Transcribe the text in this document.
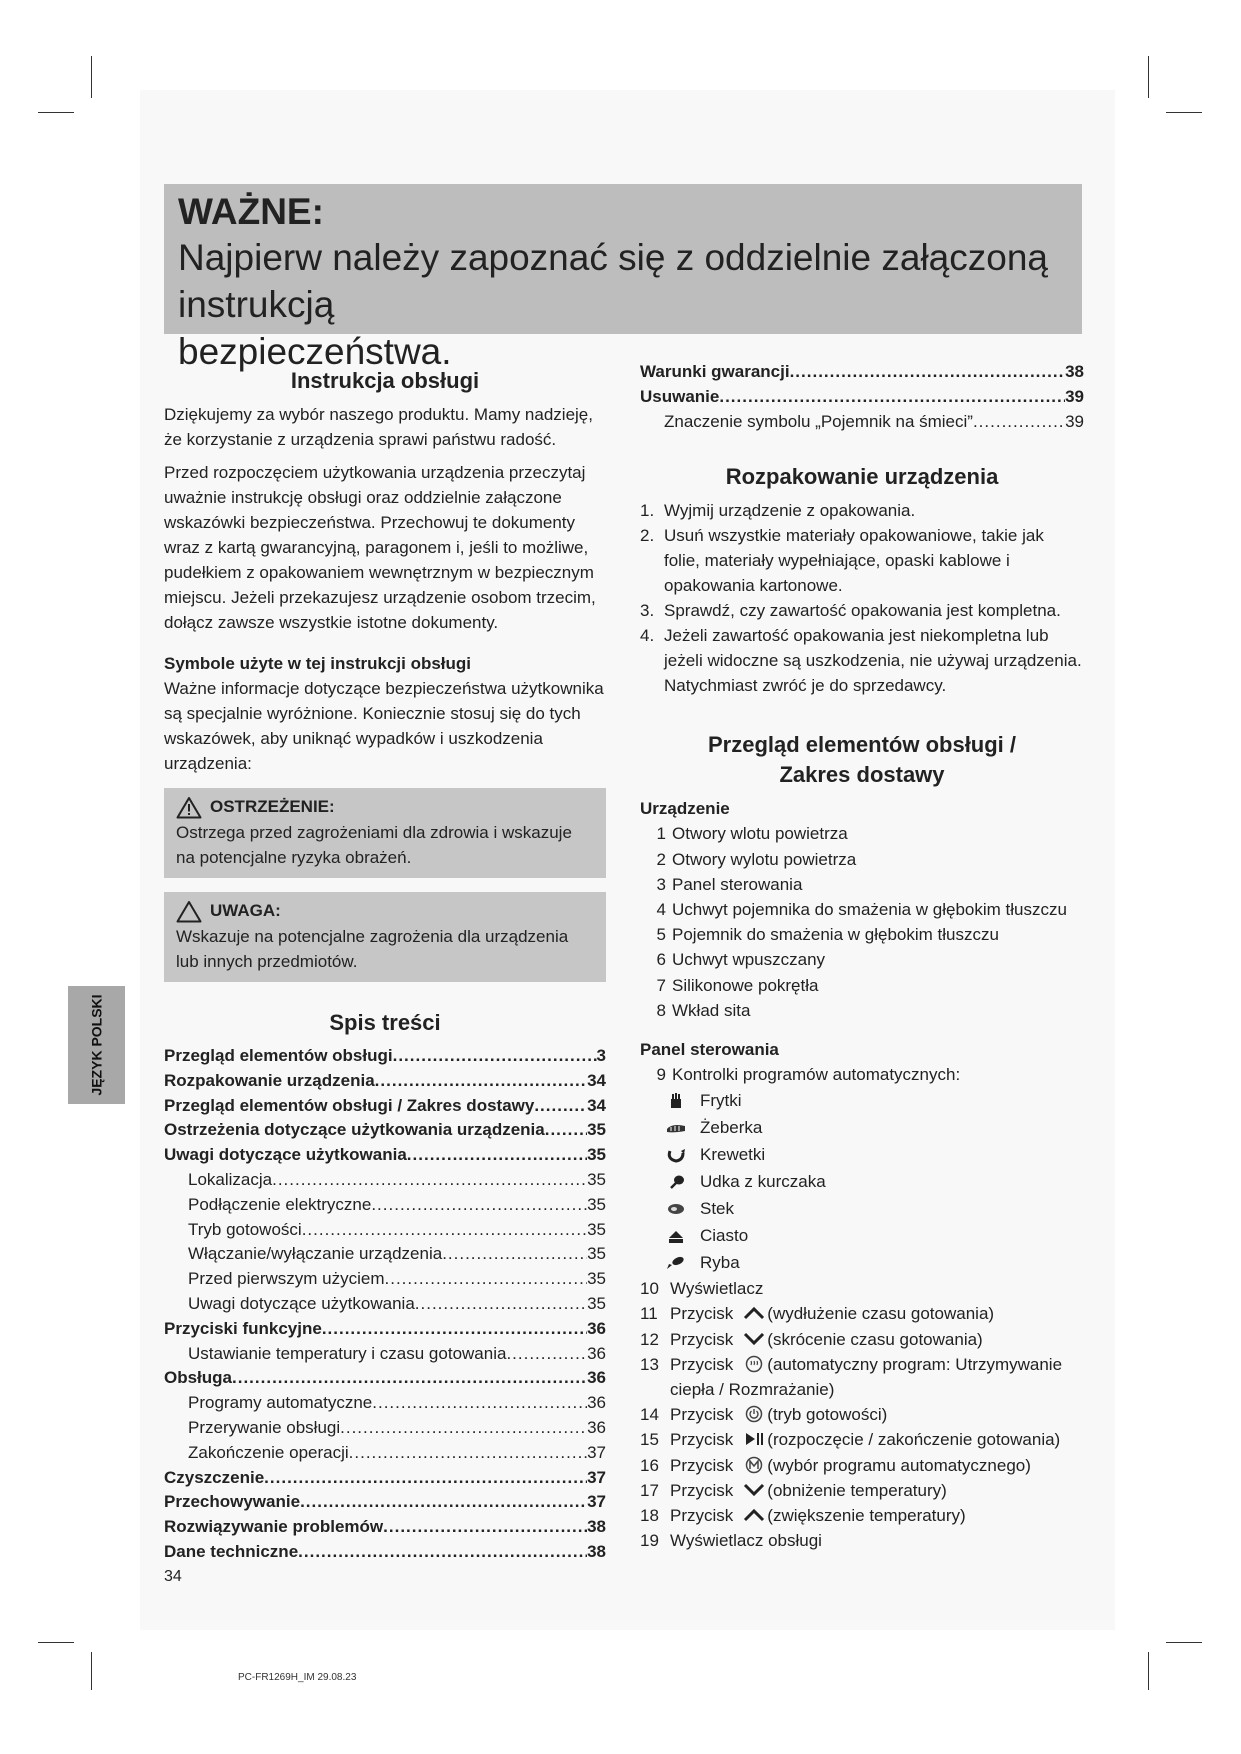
WAŻNE:
Najpierw należy zapoznać się z oddzielnie załączoną instrukcją
bezpieczeństwa.
Instrukcja obsługi

Dziękujemy za wybór naszego produktu. Mamy nadzieję, że korzystanie z urządzenia sprawi państwu radość.

Przed rozpoczęciem użytkowania urządzenia przeczytaj uważnie instrukcję obsługi oraz oddzielnie załączone wskazówki bezpieczeństwa. Przechowuj te dokumenty wraz z kartą gwarancyjną, paragonem i, jeśli to możliwe, pudełkiem z opakowaniem wewnętrznym w bezpiecznym miejscu. Jeżeli przekazujesz urządzenie osobom trzecim, dołącz zawsze wszystkie istotne dokumenty.

Symbole użyte w tej instrukcji obsługi

Ważne informacje dotyczące bezpieczeństwa użytkownika są specjalnie wyróżnione. Koniecznie stosuj się do tych wskazówek, aby uniknąć wypadków i uszkodzenia urządzenia:

OSTRZEŻENIE:
Ostrzega przed zagrożeniami dla zdrowia i wskazuje na potencjalne ryzyka obrażeń.
UWAGA:
Wskazuje na potencjalne zagrożenia dla urządzenia lub innych przedmiotów.
Spis treści
Przegląd elementów obsługi .....	3
Rozpakowanie urządzenia .....	34
Przegląd elementów obsługi / Zakres dostawy .....	34
Ostrzeżenia dotyczące użytkowania urządzenia ..... 35
Uwagi dotyczące użytkowania .....	35
Lokalizacja .....	35
Podłączenie elektryczne .....	35
Tryb gotowości .....	35
Włączanie/wyłączanie urządzenia .....	35
Przed pierwszym użyciem .....	35
Uwagi dotyczące użytkowania .....	35
Przyciski funkcyjne .....	36
Ustawianie temperatury i czasu gotowania .....	36
Obsługa .....	36
Programy automatyczne .....	36
Przerywanie obsługi .....	36
Zakończenie operacji .....	37
Czyszczenie .....	37
Przechowywanie .....	37
Rozwiązywanie problemów .....	38
Dane techniczne .....	38
Warunki gwarancji .....	38
Usuwanie .....	39
Znaczenie symbolu „Pojemnik na śmieci” .....	39
Rozpakowanie urządzenia
1. Wyjmij urządzenie z opakowania.
2. Usuń wszystkie materiały opakowaniowe, takie jak folie, materiały wypełniające, opaski kablowe i opakowania kartonowe.
3. Sprawdź, czy zawartość opakowania jest kompletna.
4. Jeżeli zawartość opakowania jest niekompletna lub jeżeli widoczne są uszkodzenia, nie używaj urządzenia. Natychmiast zwróć je do sprzedawcy.
Przegląd elementów obsługi /
Zakres dostawy
Urządzenie
1 Otwory wlotu powietrza
2 Otwory wylotu powietrza
3 Panel sterowania
4 Uchwyt pojemnika do smażenia w głębokim tłuszczu
5 Pojemnik do smażenia w głębokim tłuszczu
6 Uchwyt wpuszczany
7 Silikonowe pokrętła
8 Wkład sita
Panel sterowania
9 Kontrolki programów automatycznych:
Frytki
Żeberka
Krewetki
Udka z kurczaka
Stek
Ciasto
Ryba
10 Wyświetlacz
11 Przycisk (wydłużenie czasu gotowania)
12 Przycisk (skrócenie czasu gotowania)
13 Przycisk (automatyczny program: Utrzymywanie ciepła / Rozmrażanie)
14 Przycisk (tryb gotowości)
15 Przycisk (rozpoczęcie / zakończenie gotowania)
16 Przycisk (wybór programu automatycznego)
17 Przycisk (obniżenie temperatury)
18 Przycisk (zwiększenie temperatury)
19 Wyświetlacz obsługi
JĘZYK POLSKI
34
PC-FR1269H_IM 29.08.23
